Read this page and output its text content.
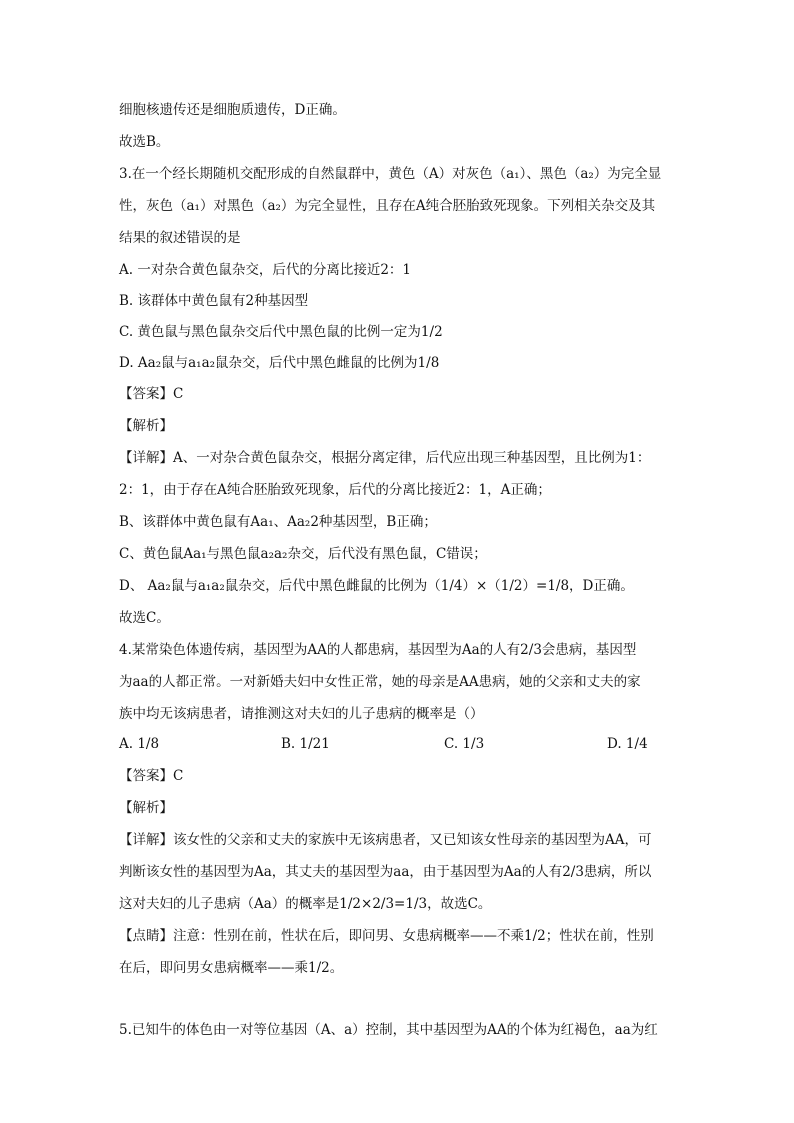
细胞核遗传还是细胞质遗传，D正确。
故选B。
3.在一个经长期随机交配形成的自然鼠群中，黄色（A）对灰色（a₁）、黑色（a₂）为完全显
性，灰色（a₁）对黑色（a₂）为完全显性，且存在A纯合胚胎致死现象。下列相关杂交及其
结果的叙述错误的是
A. 一对杂合黄色鼠杂交，后代的分离比接近2：1
B. 该群体中黄色鼠有2种基因型
C. 黄色鼠与黑色鼠杂交后代中黑色鼠的比例一定为1/2
D. Aa₂鼠与a₁a₂鼠杂交，后代中黑色雌鼠的比例为1/8
【答案】C
【解析】
【详解】A、一对杂合黄色鼠杂交，根据分离定律，后代应出现三种基因型，且比例为1：
2：1，由于存在A纯合胚胎致死现象，后代的分离比接近2：1，A正确；
B、该群体中黄色鼠有Aa₁、Aa₂2种基因型，B正确；
C、黄色鼠Aa₁与黑色鼠a₂a₂杂交，后代没有黑色鼠，C错误；
D、 Aa₂鼠与a₁a₂鼠杂交，后代中黑色雌鼠的比例为（1/4）×（1/2）=1/8，D正确。
故选C。
4.某常染色体遗传病，基因型为AA的人都患病，基因型为Aa的人有2/3会患病，基因型
为aa的人都正常。一对新婚夫妇中女性正常，她的母亲是AA患病，她的父亲和丈夫的家
族中均无该病患者，请推测这对夫妇的儿子患病的概率是（）
A. 1/8	B. 1/21	C. 1/3	D. 1/4
【答案】C
【解析】
【详解】该女性的父亲和丈夫的家族中无该病患者，又已知该女性母亲的基因型为AA，可
判断该女性的基因型为Aa，其丈夫的基因型为aa，由于基因型为Aa的人有2/3患病，所以
这对夫妇的儿子患病（Aa）的概率是1/2×2/3=1/3，故选C。
【点睛】注意：性别在前，性状在后，即问男、女患病概率——不乘1/2；性状在前，性别
在后，即问男女患病概率——乘1/2。
5.已知牛的体色由一对等位基因（A、a）控制，其中基因型为AA的个体为红褐色，aa为红
